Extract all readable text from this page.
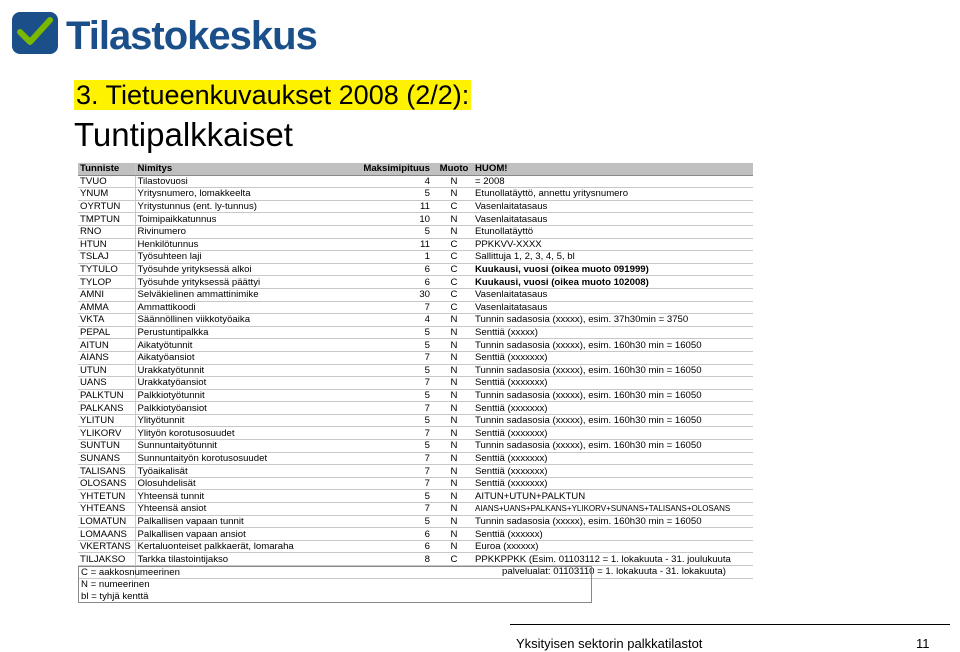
Tilastokeskus
3. Tietueenkuvaukset 2008 (2/2):
Tuntipalkkaiset
Tunniste	Nimitys	Maksimipituus	Muoto	HUOM!
TVUO	Tilastovuosi	4	N	= 2008
YNUM	Yritysnumero, lomakkeelta	5	N	Etunollatäyttö, annettu yritysnumero
OYRTUN	Yritystunnus (ent. ly-tunnus)	11	C	Vasenlaitatasaus
TMPTUN	Toimipaikkatunnus	10	N	Vasenlaitatasaus
RNO	Rivinumero	5	N	Etunollatäyttö
HTUN	Henkilötunnus	11	C	PPKKVV-XXXX
TSLAJ	Työsuhteen laji	1	C	Sallittuja 1, 2, 3, 4, 5, bl
TYTULO	Työsuhde yrityksessä alkoi	6	C	Kuukausi, vuosi (oikea muoto 091999)
TYLOP	Työsuhde yrityksessä päättyi	6	C	Kuukausi, vuosi (oikea muoto 102008)
AMNI	Selväkielinen ammattinimike	30	C	Vasenlaitatasaus
AMMA	Ammattikoodi	7	C	Vasenlaitatasaus
VKTA	Säännöllinen viikkotyöaika	4	N	Tunnin sadasosia (xxxxx), esim. 37h30min = 3750
PEPAL	Perustuntipalkka	5	N	Senttiä (xxxxx)
AITUN	Aikatyötunnit	5	N	Tunnin sadasosia (xxxxx), esim. 160h30 min = 16050
AIANS	Aikatyöansiot	7	N	Senttiä (xxxxxxx)
UTUN	Urakkatyötunnit	5	N	Tunnin sadasosia (xxxxx), esim. 160h30 min = 16050
UANS	Urakkatyöansiot	7	N	Senttiä (xxxxxxx)
PALKTUN	Palkkiotyötunnit	5	N	Tunnin sadasosia (xxxxx), esim. 160h30 min = 16050
PALKANS	Palkkiotyöansiot	7	N	Senttiä (xxxxxxx)
YLITUN	Ylityötunnit	5	N	Tunnin sadasosia (xxxxx), esim. 160h30 min = 16050
YLIKORV	Ylityön korotusosuudet	7	N	Senttiä (xxxxxxx)
SUNTUN	Sunnuntaityötunnit	5	N	Tunnin sadasosia (xxxxx), esim. 160h30 min = 16050
SUNANS	Sunnuntaityön korotusosuudet	7	N	Senttiä (xxxxxxx)
TALISANS	Työaikalisät	7	N	Senttiä (xxxxxxx)
OLOSANS	Olosuhdelisät	7	N	Senttiä (xxxxxxx)
YHTETUN	Yhteensä tunnit	5	N	AITUN+UTUN+PALKTUN
YHTEANS	Yhteensä ansiot	7	N	AIANS+UANS+PALKANS+YLIKORV+SUNANS+TALISANS+OLOSANS
LOMATUN	Palkallisen vapaan tunnit	5	N	Tunnin sadasosia (xxxxx), esim. 160h30 min = 16050
LOMAANS	Palkallisen vapaan ansiot	6	N	Senttiä (xxxxxx)
VKERTANS	Kertaluonteiset palkkaerät, lomaraha	6	N	Euroa (xxxxxx)
TILJAKSO	Tarkka tilastointijakso	8	C	PPKKPPKK (Esim. 01103112 = 1. lokakuuta - 31. joulukuuta
				palvelualat: 01103110 = 1. lokakuuta - 31. lokakuuta)
C = aakkosnumeerinen
N = numeerinen
bl = tyhjä kenttä
Yksityisen sektorin palkkatilastot	11
